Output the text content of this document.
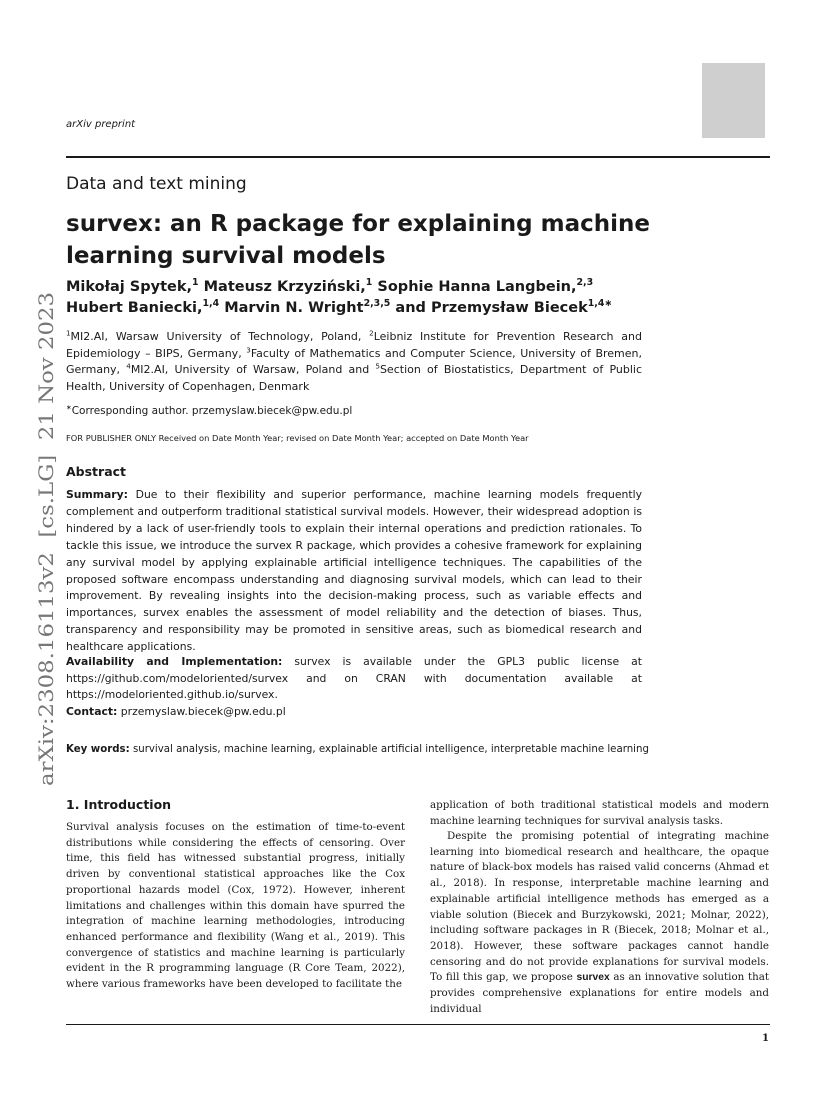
arXiv preprint
arXiv:2308.16113v2  [cs.LG]  21 Nov 2023
Data and text mining
survex: an R package for explaining machine learning survival models
Mikołaj Spytek,$^1$ Mateusz Krzyziński,$^1$ Sophie Hanna Langbein,$^{2,3}$
Hubert Baniecki,$^{1,4}$ Marvin N. Wright$^{2,3,5}$ and Przemysław Biecek$^{1,4∗}$
$^1$MI2.AI, Warsaw University of Technology, Poland, $^2$Leibniz Institute for Prevention Research and Epidemiology – BIPS, Germany, $^3$Faculty of Mathematics and Computer Science, University of Bremen, Germany, $^4$MI2.AI, University of Warsaw, Poland and $^5$Section of Biostatistics, Department of Public Health, University of Copenhagen, Denmark
∗Corresponding author. przemyslaw.biecek@pw.edu.pl
FOR PUBLISHER ONLY Received on Date Month Year; revised on Date Month Year; accepted on Date Month Year
Abstract
Summary: Due to their flexibility and superior performance, machine learning models frequently complement and outperform traditional statistical survival models. However, their widespread adoption is hindered by a lack of user-friendly tools to explain their internal operations and prediction rationales. To tackle this issue, we introduce the survex R package, which provides a cohesive framework for explaining any survival model by applying explainable artificial intelligence techniques. The capabilities of the proposed software encompass understanding and diagnosing survival models, which can lead to their improvement. By revealing insights into the decision-making process, such as variable effects and importances, survex enables the assessment of model reliability and the detection of biases. Thus, transparency and responsibility may be promoted in sensitive areas, such as biomedical research and healthcare applications.
Availability and Implementation: survex is available under the GPL3 public license at https://github.com/modeloriented/survex and on CRAN with documentation available at
https://modeloriented.github.io/survex.
Contact: przemyslaw.biecek@pw.edu.pl
Key words: survival analysis, machine learning, explainable artificial intelligence, interpretable machine learning
1. Introduction
Survival analysis focuses on the estimation of time-to-event distributions while considering the effects of censoring. Over time, this field has witnessed substantial progress, initially driven by conventional statistical approaches like the Cox proportional hazards model (Cox, 1972). However, inherent limitations and challenges within this domain have spurred the integration of machine learning methodologies, introducing enhanced performance and flexibility (Wang et al., 2019). This convergence of statistics and machine learning is particularly evident in the R programming language (R Core Team, 2022), where various frameworks have been developed to facilitate the
application of both traditional statistical models and modern machine learning techniques for survival analysis tasks.
Despite the promising potential of integrating machine learning into biomedical research and healthcare, the opaque nature of black-box models has raised valid concerns (Ahmad et al., 2018). In response, interpretable machine learning and explainable artificial intelligence methods has emerged as a viable solution (Biecek and Burzykowski, 2021; Molnar, 2022), including software packages in R (Biecek, 2018; Molnar et al., 2018). However, these software packages cannot handle censoring and do not provide explanations for survival models. To fill this gap, we propose survex as an innovative solution that provides comprehensive explanations for entire models and individual
1
